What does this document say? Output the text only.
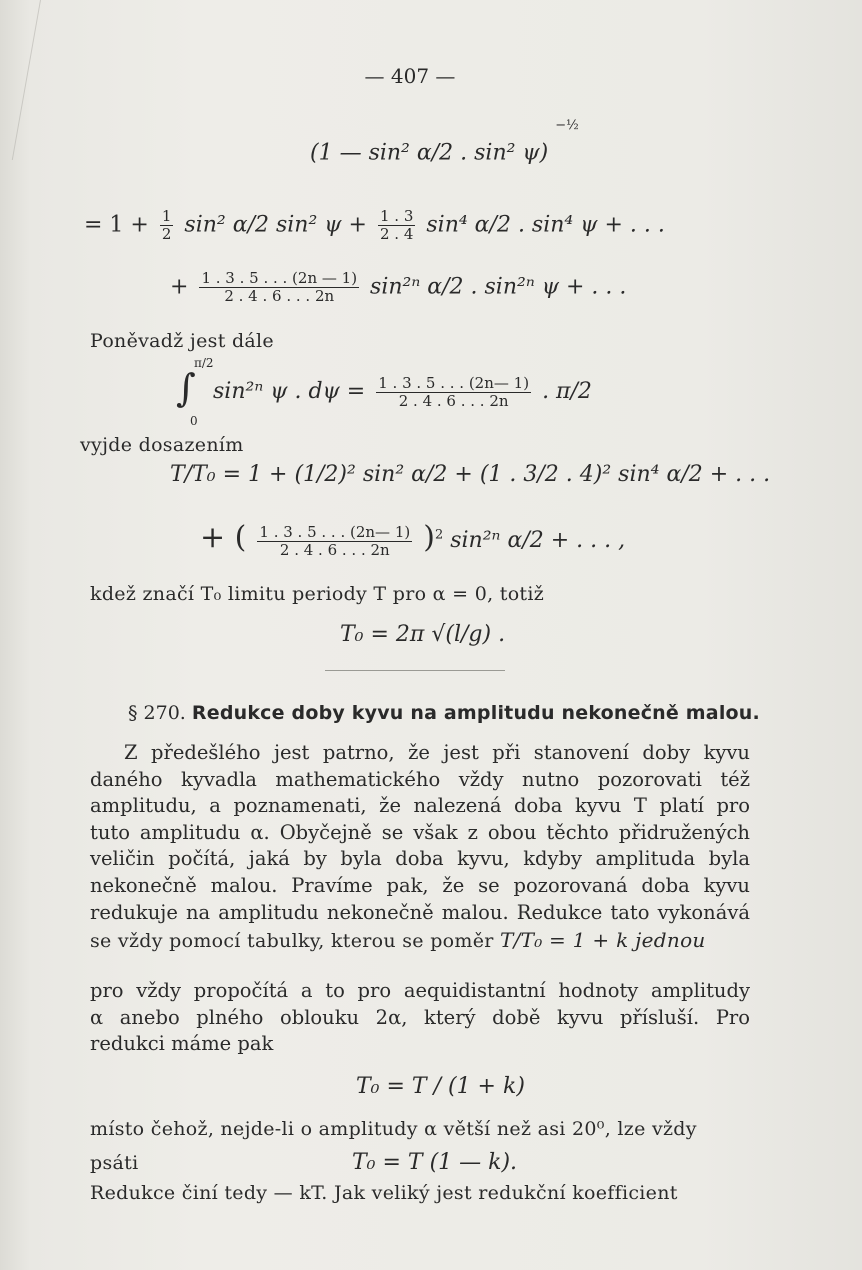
— 407 —
(1 — sin² α/2 . sin² ψ) $^{-\frac{1}{2}}$
= $1 + \frac{1}{2} \sin^2$ α/2 sin² $\psi + \frac{1 . 3}{2 . 4} \sin^4$ α/2 . sin⁴ ψ + . . .
+ $\frac{1 . 3 . 5 . . . (2n — 1)}{2 . 4 . 6 . . . 2n} \sin^{2n}$ α/2 . sin²ⁿ ψ + . . .
Poněvadž jest dále
∫
π/2
0
sin²ⁿ ψ . $d\psi = \frac{1 . 3 . 5 . . . (2n— 1)}{2 . 4 . 6 . . . 2n}$ . π/2
vyjde dosazením
T/T₀ = 1 + (1/2)² sin² α/2 + (1 . 3/2 . 4)² sin⁴ α/2 + . . .
+ ( $\frac{1 . 3 . 5 . . . (2n— 1)}{2 . 4 . 6 . . . 2n} )^2$ sin²ⁿ α/2 + . . . ,
kdež značí T₀ limitu periody T pro α = 0, totiž
T₀ = 2π √(l/g) .
§ 270. Redukce doby kyvu na amplitudu nekonečně malou.
Z předešlého jest patrno, že jest při stanovení doby kyvu
daného kyvadla mathematického vždy nutno pozorovati též
amplitudu, a poznamenati, že nalezená doba kyvu T platí pro
tuto amplitudu α. Obyčejně se však z obou těchto přidružených
veličin počítá, jaká by byla doba kyvu, kdyby amplituda byla
nekonečně malou. Pravíme pak, že se pozorovaná doba kyvu
redukuje na amplitudu nekonečně malou. Redukce tato vykonává
se vždy pomocí tabulky, kterou se poměr T/T₀ = 1 + k jednou
pro vždy propočítá a to pro aequidistantní hodnoty amplitudy
α anebo plného oblouku 2α, který době kyvu přísluší. Pro
redukci máme pak
T₀ = T / (1 + k)
místo čehož, nejde-li o amplitudy α větší než asi 20⁰, lze vždy
psáti	T₀ = T (1 — k).
Redukce činí tedy — kT. Jak veliký jest redukční koefficient
